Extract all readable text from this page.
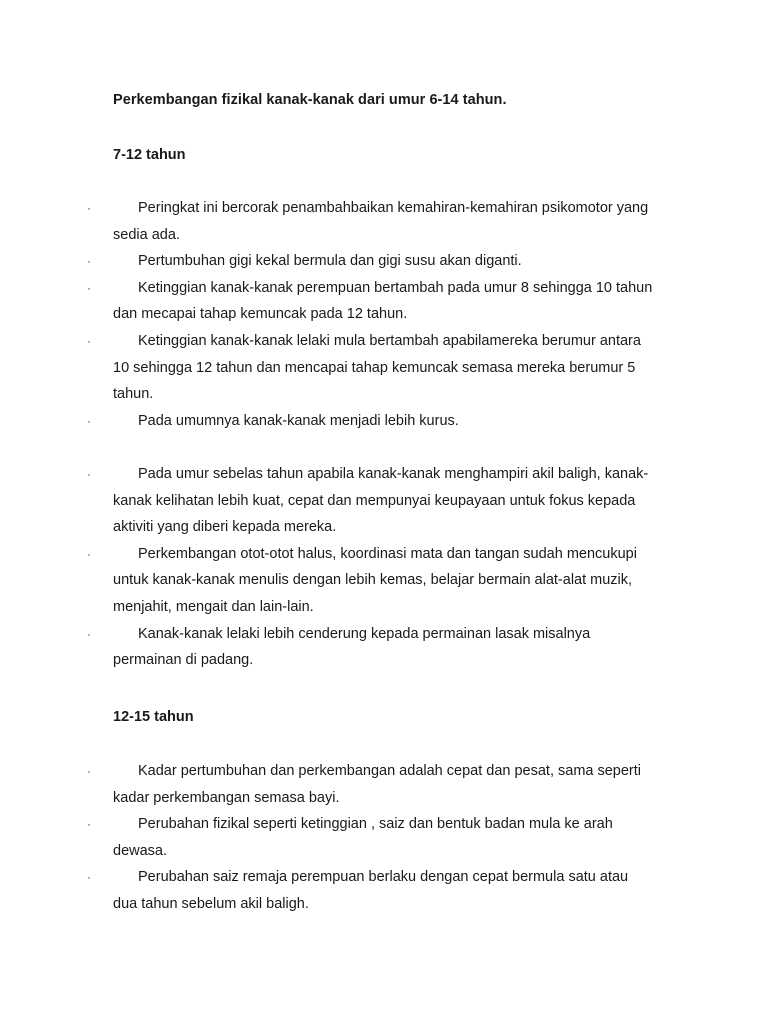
Perkembangan fizikal kanak-kanak dari umur 6-14 tahun.
7-12 tahun
·	Peringkat ini bercorak penambahbaikan kemahiran-kemahiran psikomotor yang sedia ada.
·	Pertumbuhan gigi kekal bermula dan gigi susu akan diganti.
·	Ketinggian kanak-kanak perempuan bertambah pada umur 8 sehingga 10 tahun dan mecapai tahap kemuncak pada 12 tahun.
·	Ketinggian kanak-kanak lelaki mula bertambah apabilamereka berumur antara 10 sehingga 12 tahun dan mencapai tahap kemuncak semasa mereka berumur 5 tahun.
·	Pada umumnya kanak-kanak menjadi lebih kurus.
·	Pada umur sebelas tahun apabila kanak-kanak menghampiri akil baligh, kanak-kanak kelihatan lebih kuat, cepat dan mempunyai keupayaan untuk fokus kepada aktiviti yang diberi kepada mereka.
·	Perkembangan otot-otot halus, koordinasi mata dan tangan sudah mencukupi untuk kanak-kanak menulis dengan lebih kemas, belajar bermain alat-alat muzik, menjahit, mengait dan lain-lain.
·	Kanak-kanak lelaki lebih cenderung kepada permainan lasak misalnya permainan di padang.
12-15 tahun
·	Kadar pertumbuhan dan perkembangan adalah cepat dan pesat, sama seperti kadar perkembangan semasa bayi.
·	Perubahan fizikal seperti ketinggian , saiz dan bentuk badan mula ke arah dewasa.
·	Perubahan saiz remaja perempuan berlaku dengan cepat bermula satu atau dua tahun sebelum akil baligh.
